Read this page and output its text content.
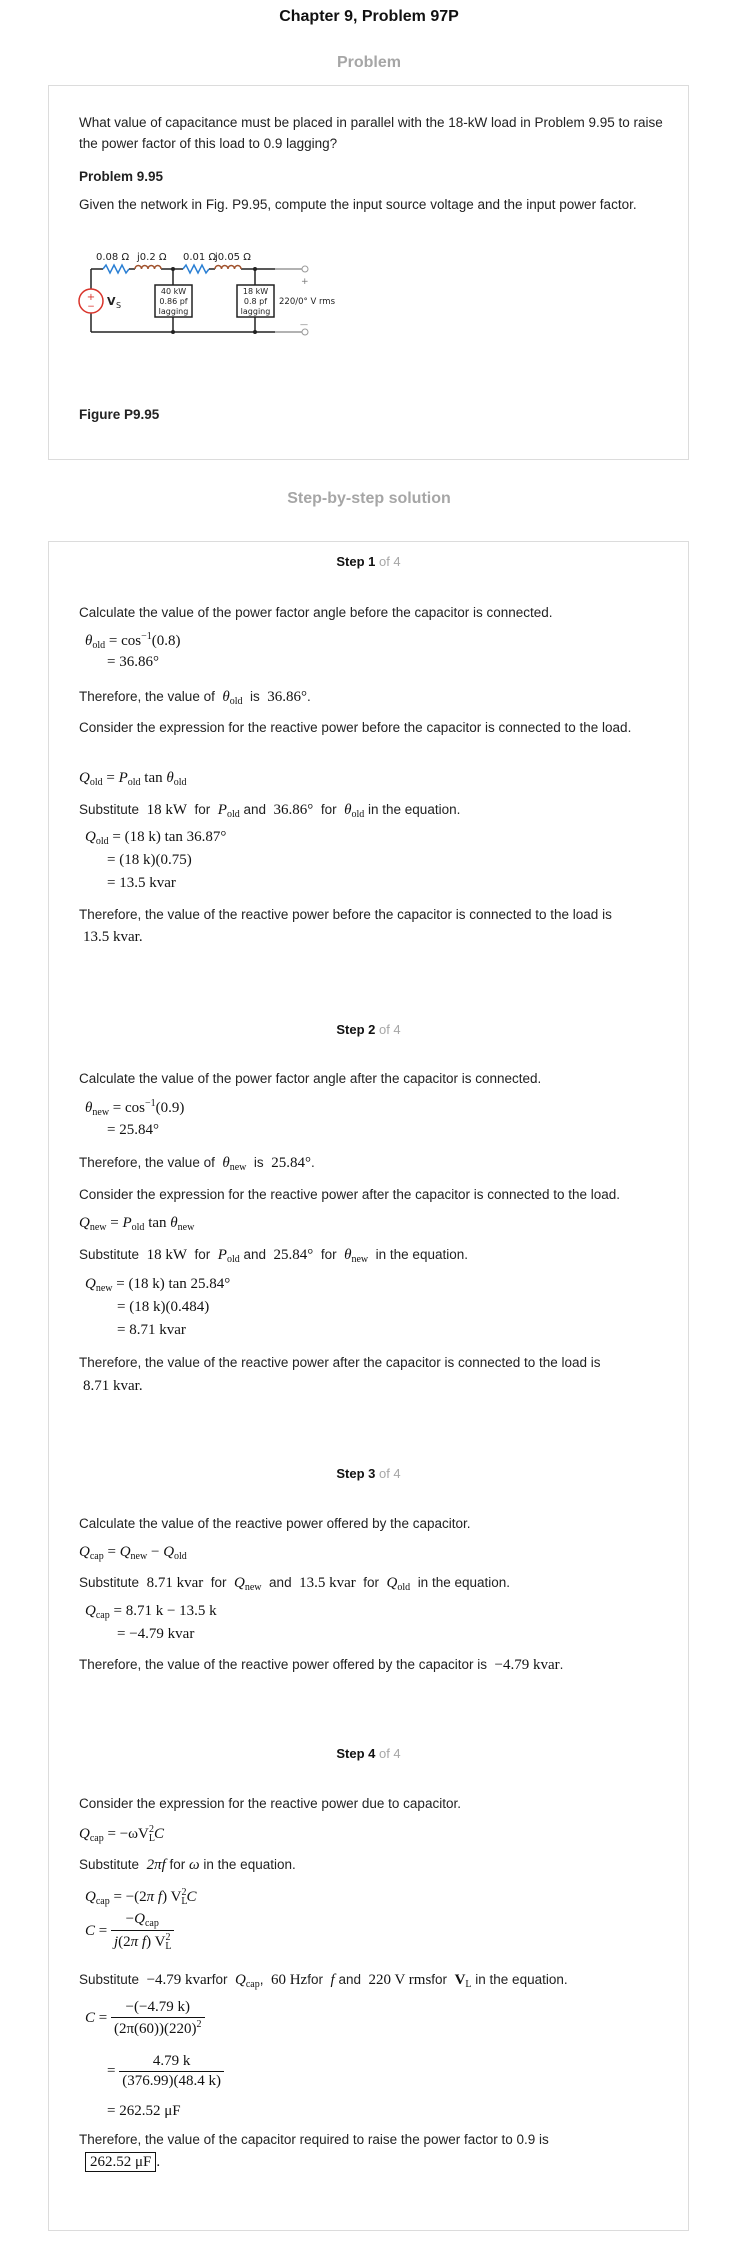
Chapter 9, Problem 97P
Problem
What value of capacitance must be placed in parallel with the 18-kW load in Problem 9.95 to raise the power factor of this load to 0.9 lagging?
Problem 9.95
Given the network in Fig. P9.95, compute the input source voltage and the input power factor.
+
− V S
0.08 Ω j0.2 Ω 0.01 Ω
j0.05 Ω
40 kW
0.86 pf
lagging
18 kW
0.8 pf
lagging
+
—
220/0° V rms
Figure P9.95
Step-by-step solution
Step 1 of 4
Calculate the value of the power factor angle before the capacitor is connected.
$\theta_{old} = \cos^{-1}(0.8)$
= 36.86°
Therefore, the value of $\theta_{old}$ is 36.86°.
Consider the expression for the reactive power before the capacitor is connected to the load.
$Q_{old} = P_{old}$ $\tan \theta_{old}$
Substitute 18 kW for $P_{old}$ and 36.86° for $\theta_{old}$ in the equation.
$Q_{old} = (18$ k) tan 36.87°
= (18 k)(0.75)
= 13.5 kvar
Therefore, the value of the reactive power before the capacitor is connected to the load is
13.5 kvar.
Step 2 of 4
Calculate the value of the power factor angle after the capacitor is connected.
$\theta_{new} = \cos^{-1}(0.9)$
= 25.84°
Therefore, the value of $\theta_{new}$ is 25.84°.
Consider the expression for the reactive power after the capacitor is connected to the load.
$Q_{new} = P_{old}$ $\tan \theta_{new}$
Substitute 18 kW for $P_{old}$ and 25.84° for $\theta_{new}$ in the equation.
$Q_{new} = (18$ k) tan 25.84°
= (18 k)(0.484)
= 8.71 kvar
Therefore, the value of the reactive power after the capacitor is connected to the load is
8.71 kvar.
Step 3 of 4
Calculate the value of the reactive power offered by the capacitor.
$Q_{cap} = Q_{new} - Q_{old}$
Substitute 8.71 kvar for $Q_{new}$ and 13.5 kvar for $Q_{old}$ in the equation.
$Q_{cap} = 8.71$ k − 13.5 k
= −4.79 kvar
Therefore, the value of the reactive power offered by the capacitor is −4.79 kvar.
Step 4 of 4
Consider the expression for the reactive power due to capacitor.
$Q_{cap} = -\omega V_L^2C$
Substitute 2πf for ω in the equation.
$Q_{cap} = -(2\pi$ f) $V_L^2C$
$C = \frac{-Q_{cap}}{j(2\pi f) V_L^2}$
Substitute −4.79 kvarfor $Q_{cap}$,  60 Hzfor f and 220 V rmsfor $V_L$ in the equation.
$C = \frac{-(-4.79 k)}{(2\pi(60))(220)^2}$
= $\frac{4.79 k}{(376.99)(48.4 k)}$
= 262.52 μF
Therefore, the value of the capacitor required to raise the power factor to 0.9 is
262.52 μF .
